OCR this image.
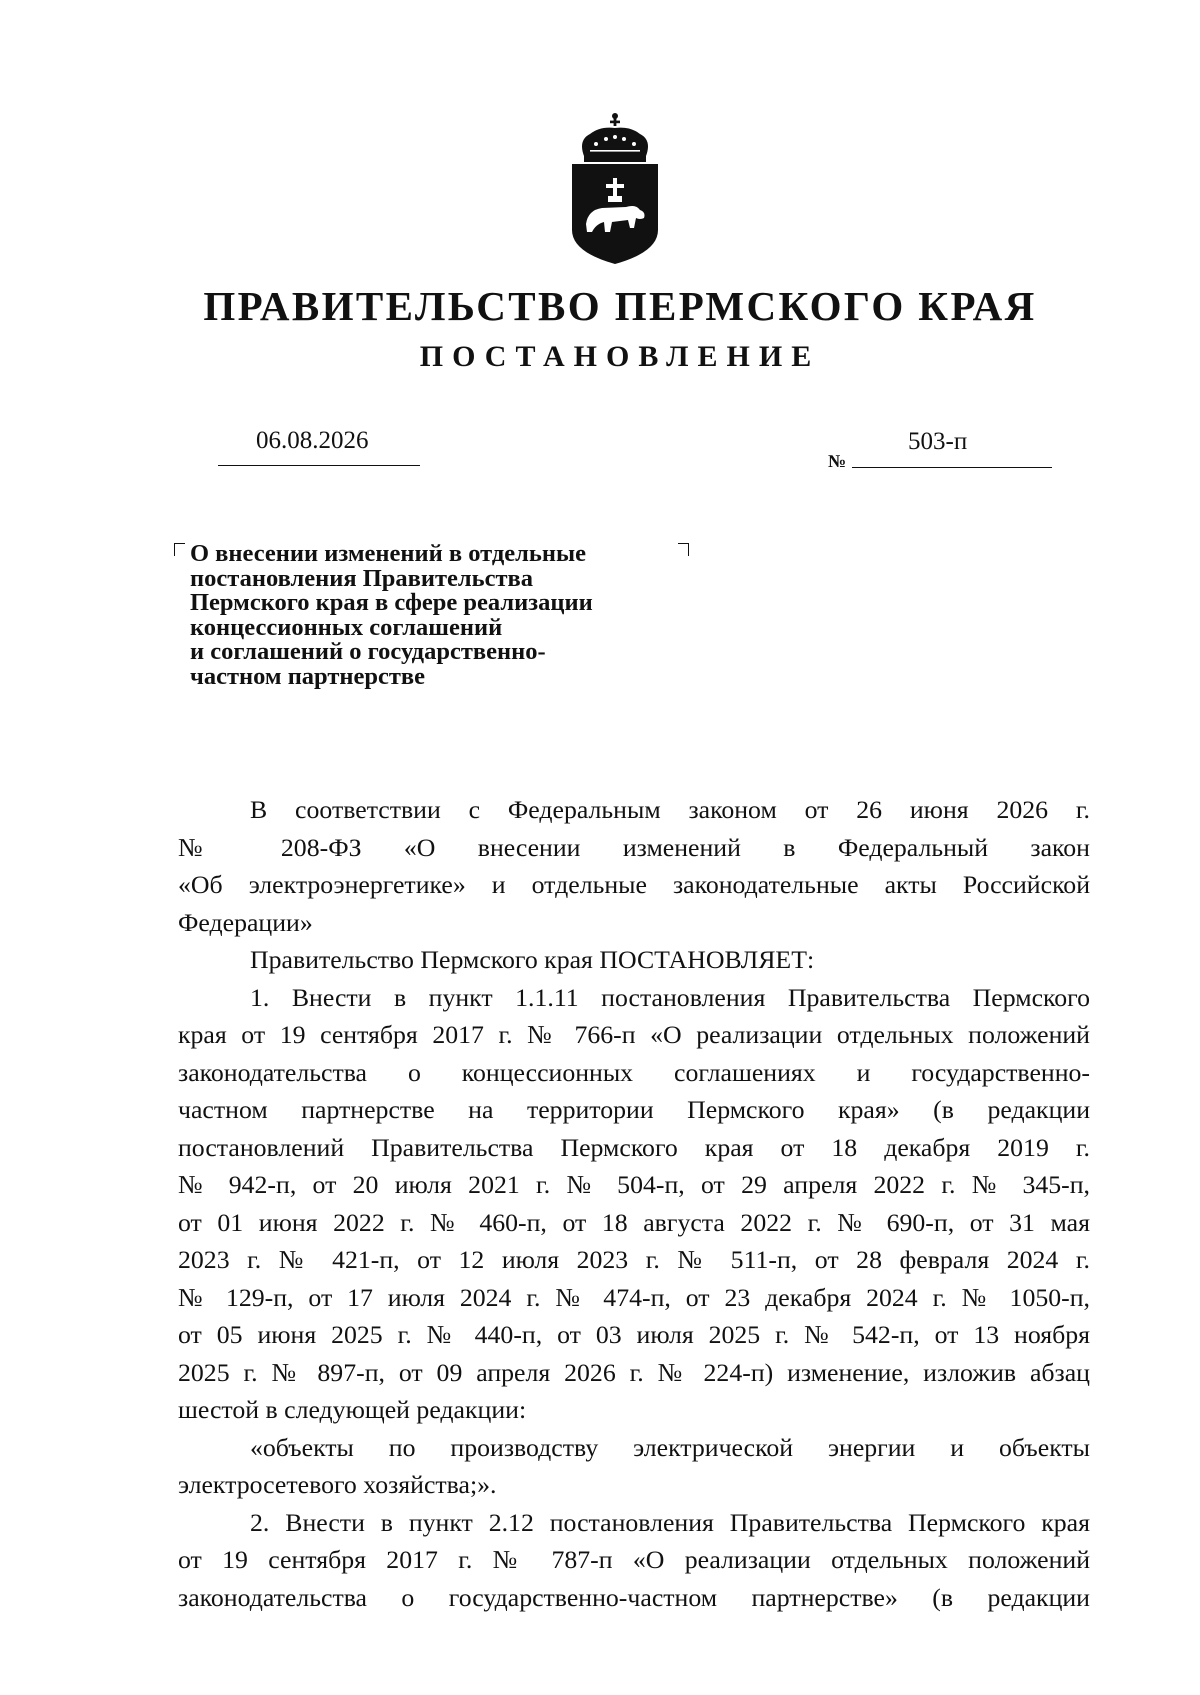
ПРАВИТЕЛЬСТВО ПЕРМСКОГО КРАЯ
ПОСТАНОВЛЕНИЕ
06.08.2026
№
503-п
О внесении изменений в отдельные
постановления Правительства
Пермского края в сфере реализации
концессионных соглашений
и соглашений о государственно-
частном партнерстве
В соответствии с Федеральным законом от 26 июня 2026 г.
№ 208-ФЗ «О внесении изменений в Федеральный закон
«Об электроэнергетике» и отдельные законодательные акты Российской
Федерации»
Правительство Пермского края ПОСТАНОВЛЯЕТ:
1. Внести в пункт 1.1.11 постановления Правительства Пермского
края от 19 сентября 2017 г. № 766-п «О реализации отдельных положений
законодательства о концессионных соглашениях и государственно-
частном партнерстве на территории Пермского края» (в редакции
постановлений Правительства Пермского края от 18 декабря 2019 г.
№ 942-п, от 20 июля 2021 г. № 504-п, от 29 апреля 2022 г. № 345-п,
от 01 июня 2022 г. № 460-п, от 18 августа 2022 г. № 690-п, от 31 мая
2023 г. № 421-п, от 12 июля 2023 г. № 511-п, от 28 февраля 2024 г.
№ 129-п, от 17 июля 2024 г. № 474-п, от 23 декабря 2024 г. № 1050-п,
от 05 июня 2025 г. № 440-п, от 03 июля 2025 г. № 542-п, от 13 ноября
2025 г. № 897-п, от 09 апреля 2026 г. № 224-п) изменение, изложив абзац
шестой в следующей редакции:
«объекты по производству электрической энергии и объекты
электросетевого хозяйства;».
2. Внести в пункт 2.12 постановления Правительства Пермского края
от 19 сентября 2017 г. № 787-п «О реализации отдельных положений
законодательства о государственно-частном партнерстве» (в редакции
